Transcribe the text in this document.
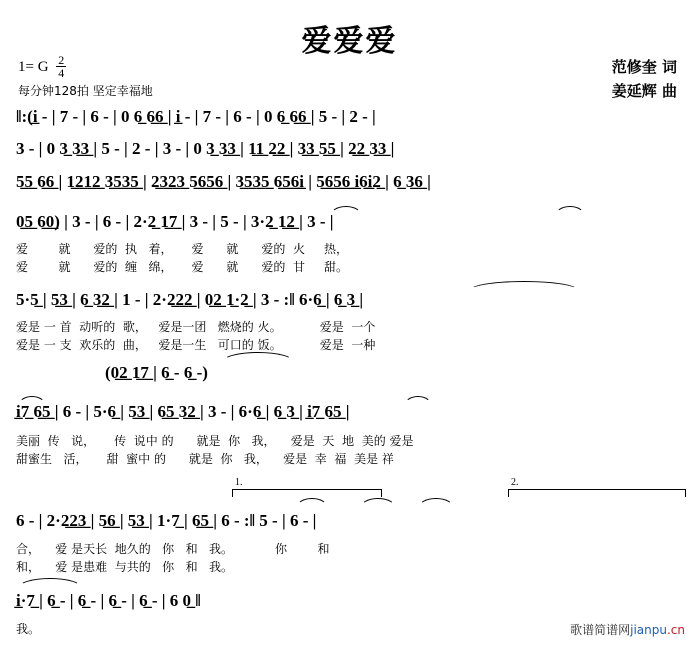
爱爱爱
1= G $\frac{2}{4}$
每分钟128拍 坚定幸福地
范修奎 词
姜延辉 曲
‖:(i̲ - | 7 - | 6 - | 0 6̲ 6̲6̲ | i̲ - | 7 - | 6 - | 0 6̲ 6̲6̲ | 5 - | 2 - |
3 - | 0 3̲ 3̲3̲ | 5 - | 2 - | 3 - | 0 3̲ 3̲3̲ | 1̲1̲ 2̲2̲ | 3̲3̲ 5̲5̲ | 2̲2̲ 3̲3̲ |
5̲5̲ 6̲6̲ | 1̲2̲1̲2̲ 3̲5̲3̲5̲ | 2̲3̲2̲3̲ 5̲6̲5̲6̲ | 3̲5̲3̲5̲ 6̲5̲6̲i̲ | 5̲6̲5̲6̲ i̲6̲i̲2̲ | 6̲ 3̲6̲ |
0̲5̲ 6̲0̲) | 3 - | 6 - | 2·2̲ 1̲7̲ | 3 - | 5 - | 3·2̲ 1̲2̲ | 3 - |
爱        就      爱的  执   着，     爱      就      爱的  火     热，
爱        就      爱的  缠   绵，     爱      就      爱的  甘     甜。
5·5̲ | 5̲3̲ | 6̲ 3̲2̲ | 1 - | 2·2̲2̲2̲ | 0̲2̲ 1̲·2̲ | 3 - :‖ 6·6̲ | 6̲ 3̲ |
爱是 一 首  动听的  歌，   爱是一团   燃烧的 火。          爱是  一个
爱是 一 支  欢乐的  曲，   爱是一生   可口的 饭。          爱是  一种
(0̲2̲ 1̲7̲ | 6̲ - 6̲ -)
i̲7̲ 6̲5̲ | 6 - | 5·6̲ | 5̲3̲ | 6̲5̲ 3̲2̲ | 3 - | 6·6̲ | 6̲ 3̲ | i̲7̲ 6̲5̲ |
美丽  传   说，     传  说中 的      就是  你   我，    爱是  天  地  美的 爱是
甜蜜生   活，     甜  蜜中 的      就是  你   我，    爱是  幸  福  美是 祥
1.	2.
6 - | 2·2̲2̲3̲ | 5̲6̲ | 5̲3̲ | 1·7̲ | 6̲5̲ | 6 - :‖ 5 - | 6 - |
合，    爱 是天长  地久的   你   和   我。           你        和
和，    爱 是患难  与共的   你   和   我。
i̲·7̲ | 6̲ - | 6̲ - | 6̲ - | 6̲ - | 6 0̲ ‖
我。	歌谱简谱网jianpu.cn
